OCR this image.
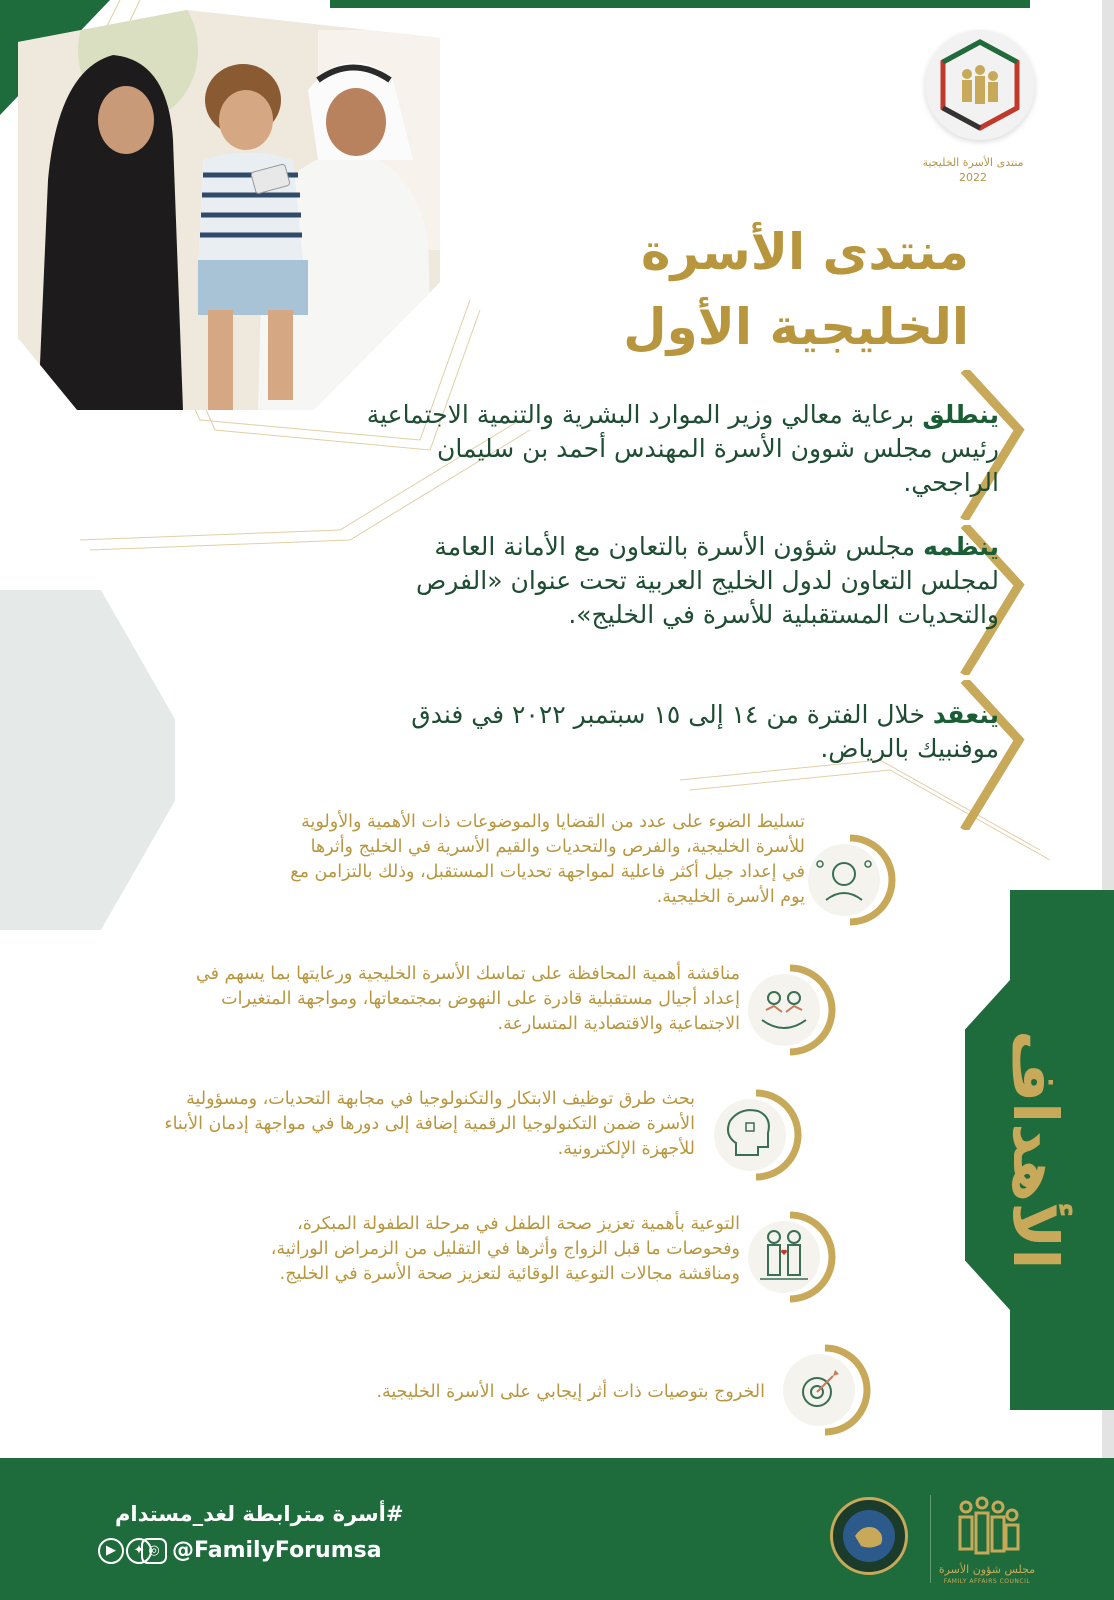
منتدى الأسرة الخليجية
2022
منتدى الأسرة
الخليجية الأول
ينطلق برعاية معالي وزير الموارد البشرية والتنمية الاجتماعية رئيس مجلس شوون الأسرة المهندس أحمد بن سليمان الراجحي.
ينظمه مجلس شؤون الأسرة بالتعاون مع الأمانة العامة لمجلس التعاون لدول الخليج العربية تحت عنوان «الفرص والتحديات المستقبلية للأسرة في الخليج».
ينعقد خلال الفترة من ١٤ إلى ١٥ سبتمبر ٢٠٢٢ في فندق موفنبيك بالرياض.
الأهداف
تسليط الضوء على عدد من القضايا والموضوعات ذات الأهمية والأولوية للأسرة الخليجية، والفرص والتحديات والقيم الأسرية في الخليج وأثرها في إعداد جيل أكثر فاعلية لمواجهة تحديات المستقبل، وذلك بالتزامن مع يوم الأسرة الخليجية.
مناقشة أهمية المحافظة على تماسك الأسرة الخليجية ورعايتها بما يسهم في إعداد أجيال مستقبلية قادرة على النهوض بمجتمعاتها، ومواجهة المتغيرات الاجتماعية والاقتصادية المتسارعة.
بحث طرق توظيف الابتكار والتكنولوجيا في مجابهة التحديات، ومسؤولية الأسرة ضمن التكنولوجيا الرقمية إضافة إلى دورها في مواجهة إدمان الأبناء للأجهزة الإلكترونية.
التوعية بأهمية تعزيز صحة الطفل في مرحلة الطفولة المبكرة، وفحوصات ما قبل الزواج وأثرها في التقليل من الزمراض الوراثية، ومناقشة مجالات التوعية الوقائية لتعزيز صحة الأسرة في الخليج.
الخروج بتوصيات ذات أثر إيجابي على الأسرة الخليجية.
#أسرة مترابطة لغد_مستدام
@FamilyForumsa
▶	✦ ◎
مجلس شؤون الأسرة
FAMILY AFFAIRS COUNCIL
